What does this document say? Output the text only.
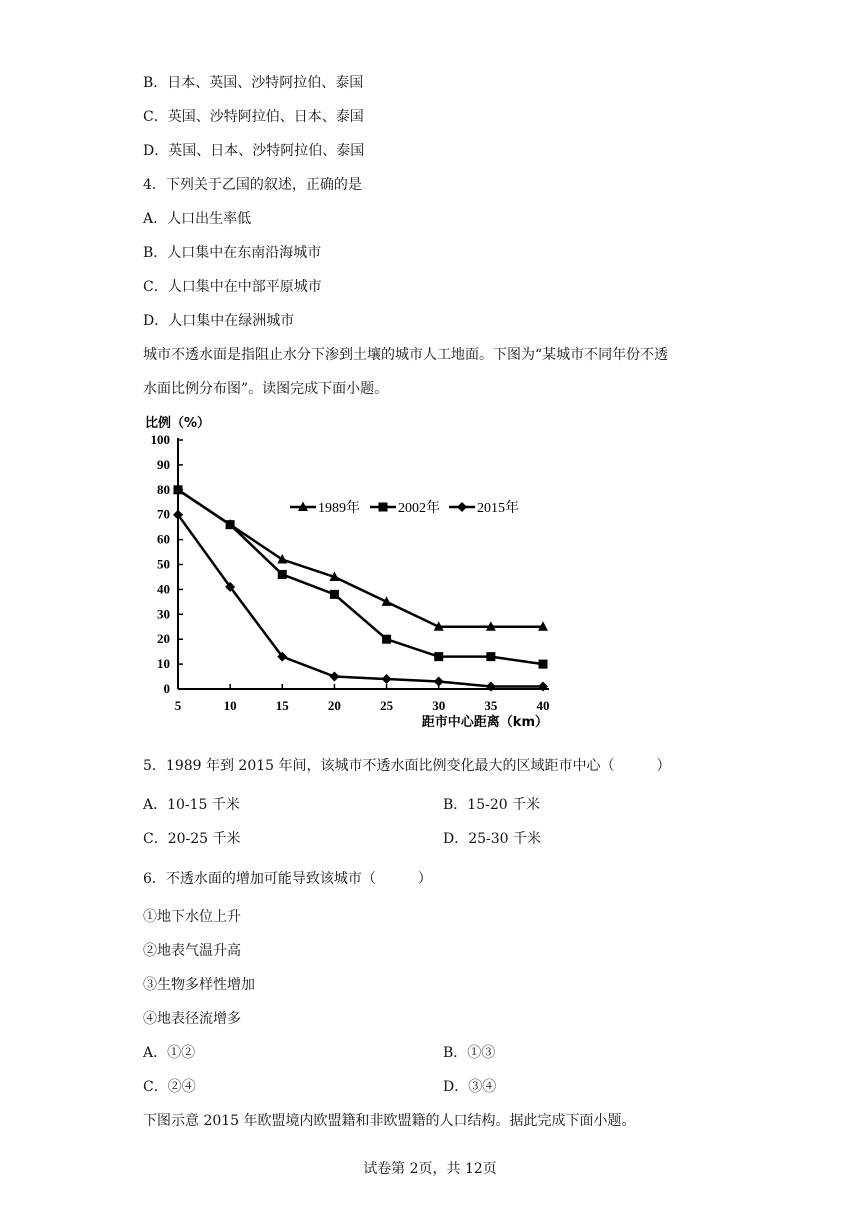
B．日本、英国、沙特阿拉伯、泰国
C．英国、沙特阿拉伯、日本、泰国
D．英国、日本、沙特阿拉伯、泰国
4．下列关于乙国的叙述，正确的是
A．人口出生率低
B．人口集中在东南沿海城市
C．人口集中在中部平原城市
D．人口集中在绿洲城市
城市不透水面是指阻止水分下渗到土壤的城市人工地面。下图为“某城市不同年份不透
水面比例分布图”。读图完成下面小题。
0
10
20
30
40
50
60
70
80
90
100
5	10	15	20	25	30	35	40
比例（%）
距市中心距离（km）
1989年	2002年	2015年
5．1989 年到 2015 年间，该城市不透水面比例变化最大的区域距市中心（　　　）
A．10-15 千米	B．15-20 千米
C．20-25 千米	D．25-30 千米
6．不透水面的增加可能导致该城市（　　　）
①地下水位上升
②地表气温升高
③生物多样性增加
④地表径流增多
A．①②	B．①③
C．②④	D．③④
下图示意 2015 年欧盟境内欧盟籍和非欧盟籍的人口结构。据此完成下面小题。
试卷第 2页，共 12页
